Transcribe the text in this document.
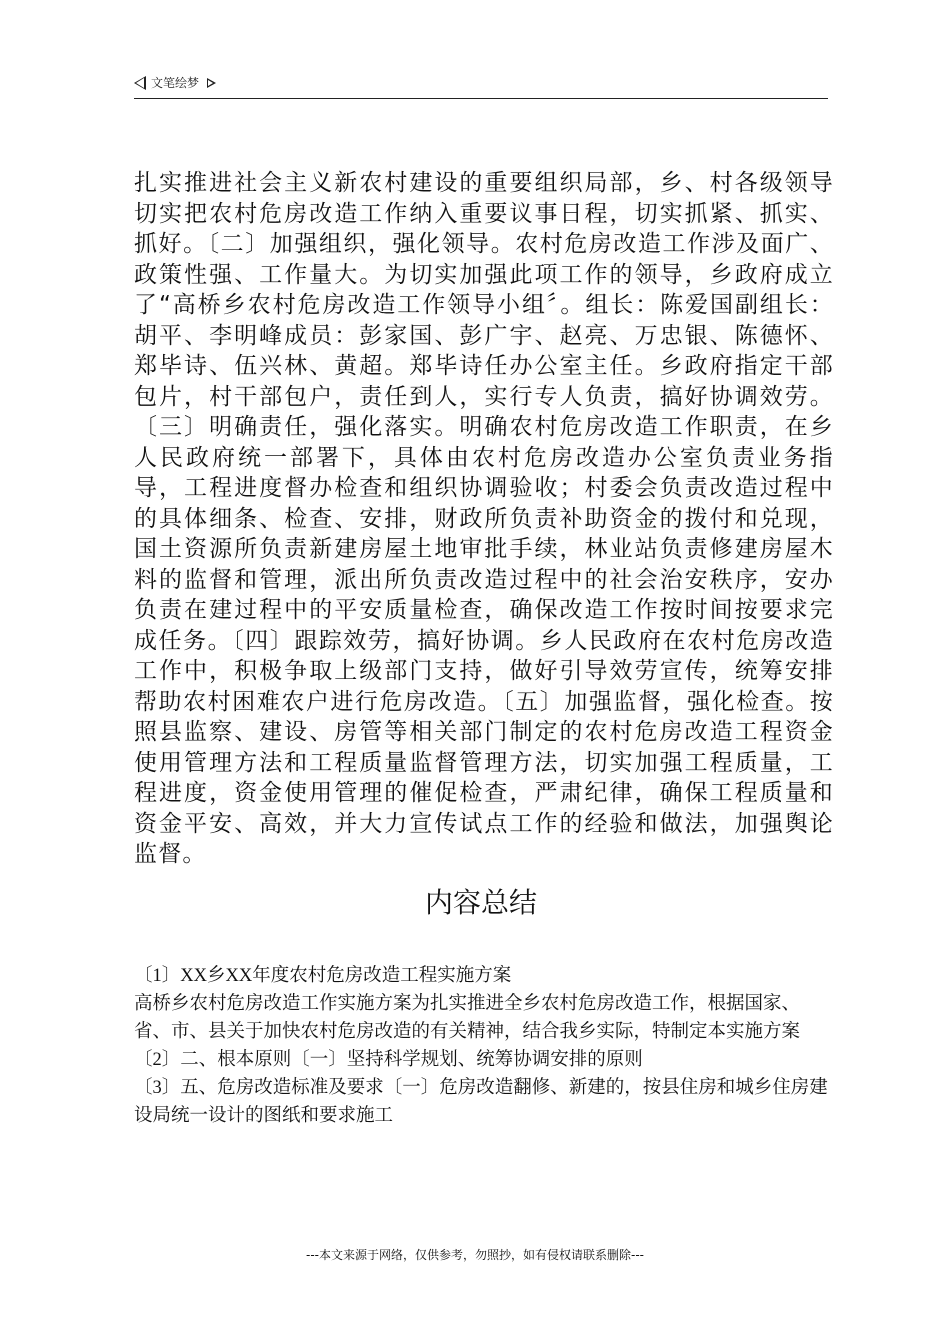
文笔绘梦

扎实推进社会主义新农村建设的重要组织局部，乡、村各级领导切实把农村危房改造工作纳入重要议事日程，切实抓紧、抓实、抓好。〔二〕加强组织，强化领导。农村危房改造工作涉及面广、政策性强、工作量大。为切实加强此项工作的领导，乡政府成立了“高桥乡农村危房改造工作领导小组〞。组长：陈爱国副组长：胡平、李明峰成员：彭家国、彭广宇、赵亮、万忠银、陈德怀、郑毕诗、伍兴林、黄超。郑毕诗任办公室主任。乡政府指定干部包片，村干部包户，责任到人，实行专人负责，搞好协调效劳。〔三〕明确责任，强化落实。明确农村危房改造工作职责，在乡人民政府统一部署下，具体由农村危房改造办公室负责业务指导，工程进度督办检查和组织协调验收；村委会负责改造过程中的具体细条、检查、安排，财政所负责补助资金的拨付和兑现，国土资源所负责新建房屋土地审批手续，林业站负责修建房屋木料的监督和管理，派出所负责改造过程中的社会治安秩序，安办负责在建过程中的平安质量检查，确保改造工作按时间按要求完成任务。〔四〕跟踪效劳，搞好协调。乡人民政府在农村危房改造工作中，积极争取上级部门支持，做好引导效劳宣传，统筹安排帮助农村困难农户进行危房改造。〔五〕加强监督，强化检查。按照县监察、建设、房管等相关部门制定的农村危房改造工程资金使用管理方法和工程质量监督管理方法，切实加强工程质量，工程进度，资金使用管理的催促检查，严肃纪律，确保工程质量和资金平安、高效，并大力宣传试点工作的经验和做法，加强舆论监督。

内容总结

〔1〕XX乡XX年度农村危房改造工程实施方案

高桥乡农村危房改造工作实施方案为扎实推进全乡农村危房改造工作，根据国家、省、市、县关于加快农村危房改造的有关精神，结合我乡实际，特制定本实施方案

〔2〕二、根本原则〔一〕坚持科学规划、统筹协调安排的原则

〔3〕五、危房改造标准及要求〔一〕危房改造翻修、新建的，按县住房和城乡住房建设局统一设计的图纸和要求施工

---本文来源于网络，仅供参考，勿照抄，如有侵权请联系删除---
